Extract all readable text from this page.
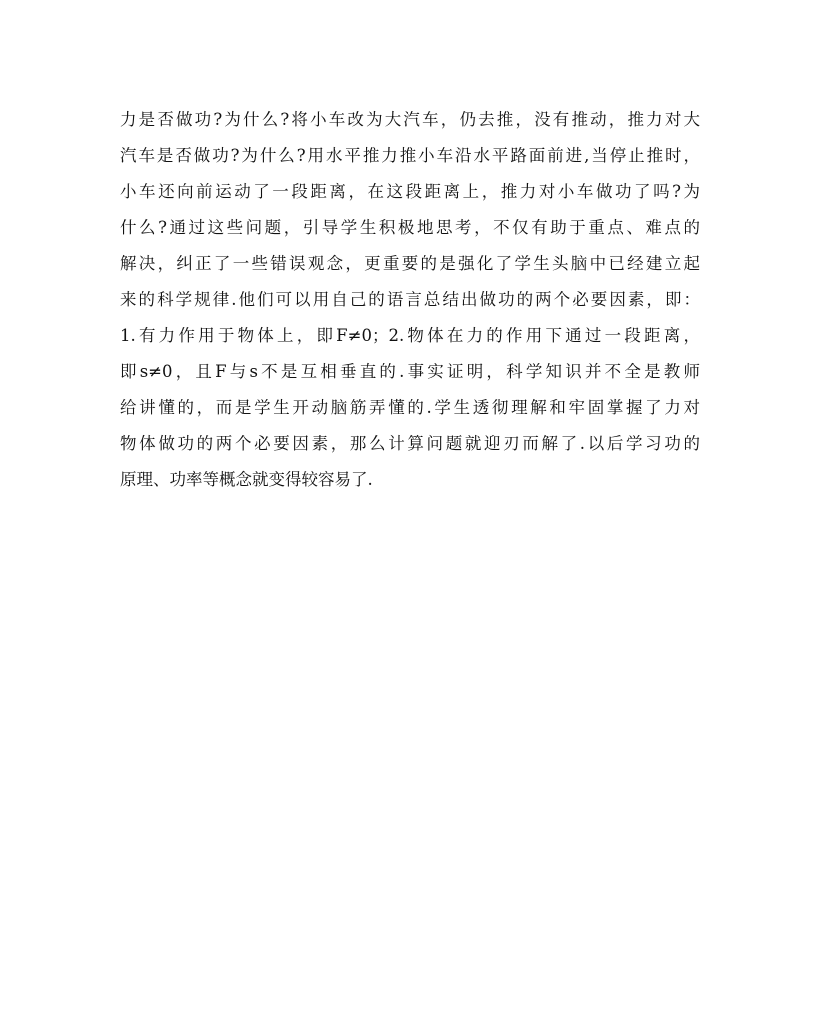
力是否做功?为什么?将小车改为大汽车，仍去推，没有推动，推力对大
汽车是否做功?为什么?用水平推力推小车沿水平路面前进,当停止推时，
小车还向前运动了一段距离，在这段距离上，推力对小车做功了吗?为
什么?通过这些问题，引导学生积极地思考，不仅有助于重点、难点的
解决，纠正了一些错误观念，更重要的是强化了学生头脑中已经建立起
来的科学规律.他们可以用自己的语言总结出做功的两个必要因素，即：
1.有力作用于物体上，即F≠0；2.物体在力的作用下通过一段距离，
即s≠0，且F与s不是互相垂直的.事实证明，科学知识并不全是教师
给讲懂的，而是学生开动脑筋弄懂的.学生透彻理解和牢固掌握了力对
物体做功的两个必要因素，那么计算问题就迎刃而解了.以后学习功的
原理、功率等概念就变得较容易了.
